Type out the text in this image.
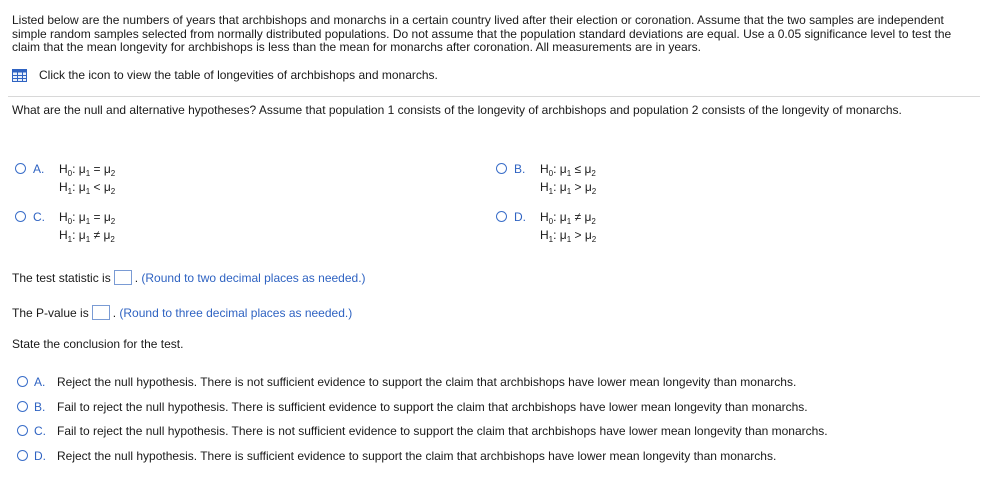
Listed below are the numbers of years that archbishops and monarchs in a certain country lived after their election or coronation. Assume that the two samples are independent simple random samples selected from normally distributed populations. Do not assume that the population standard deviations are equal. Use a 0.05 significance level to test the claim that the mean longevity for archbishops is less than the mean for monarchs after coronation. All measurements are in years.

Click the icon to view the table of longevities of archbishops and monarchs.
What are the null and alternative hypotheses? Assume that population 1 consists of the longevity of archbishops and population 2 consists of the longevity of monarchs.
A. $H_0$: $\mu_1 = \mu_2$
$H_1$: $\mu_1 < \mu_2$
B. $H_0$: $\mu_1 \le \mu_2$
$H_1$: $\mu_1 > \mu_2$
C. $H_0$: $\mu_1 = \mu_2$
$H_1$: $\mu_1 \ne \mu_2$
D. $H_0$: $\mu_1 \ne \mu_2$
$H_1$: $\mu_1 > \mu_2$
The test statistic is . (Round to two decimal places as needed.)
The P-value is . (Round to three decimal places as needed.)
State the conclusion for the test.
A. Reject the null hypothesis. There is not sufficient evidence to support the claim that archbishops have lower mean longevity than monarchs.
B. Fail to reject the null hypothesis. There is sufficient evidence to support the claim that archbishops have lower mean longevity than monarchs.
C. Fail to reject the null hypothesis. There is not sufficient evidence to support the claim that archbishops have lower mean longevity than monarchs.
D. Reject the null hypothesis. There is sufficient evidence to support the claim that archbishops have lower mean longevity than monarchs.
